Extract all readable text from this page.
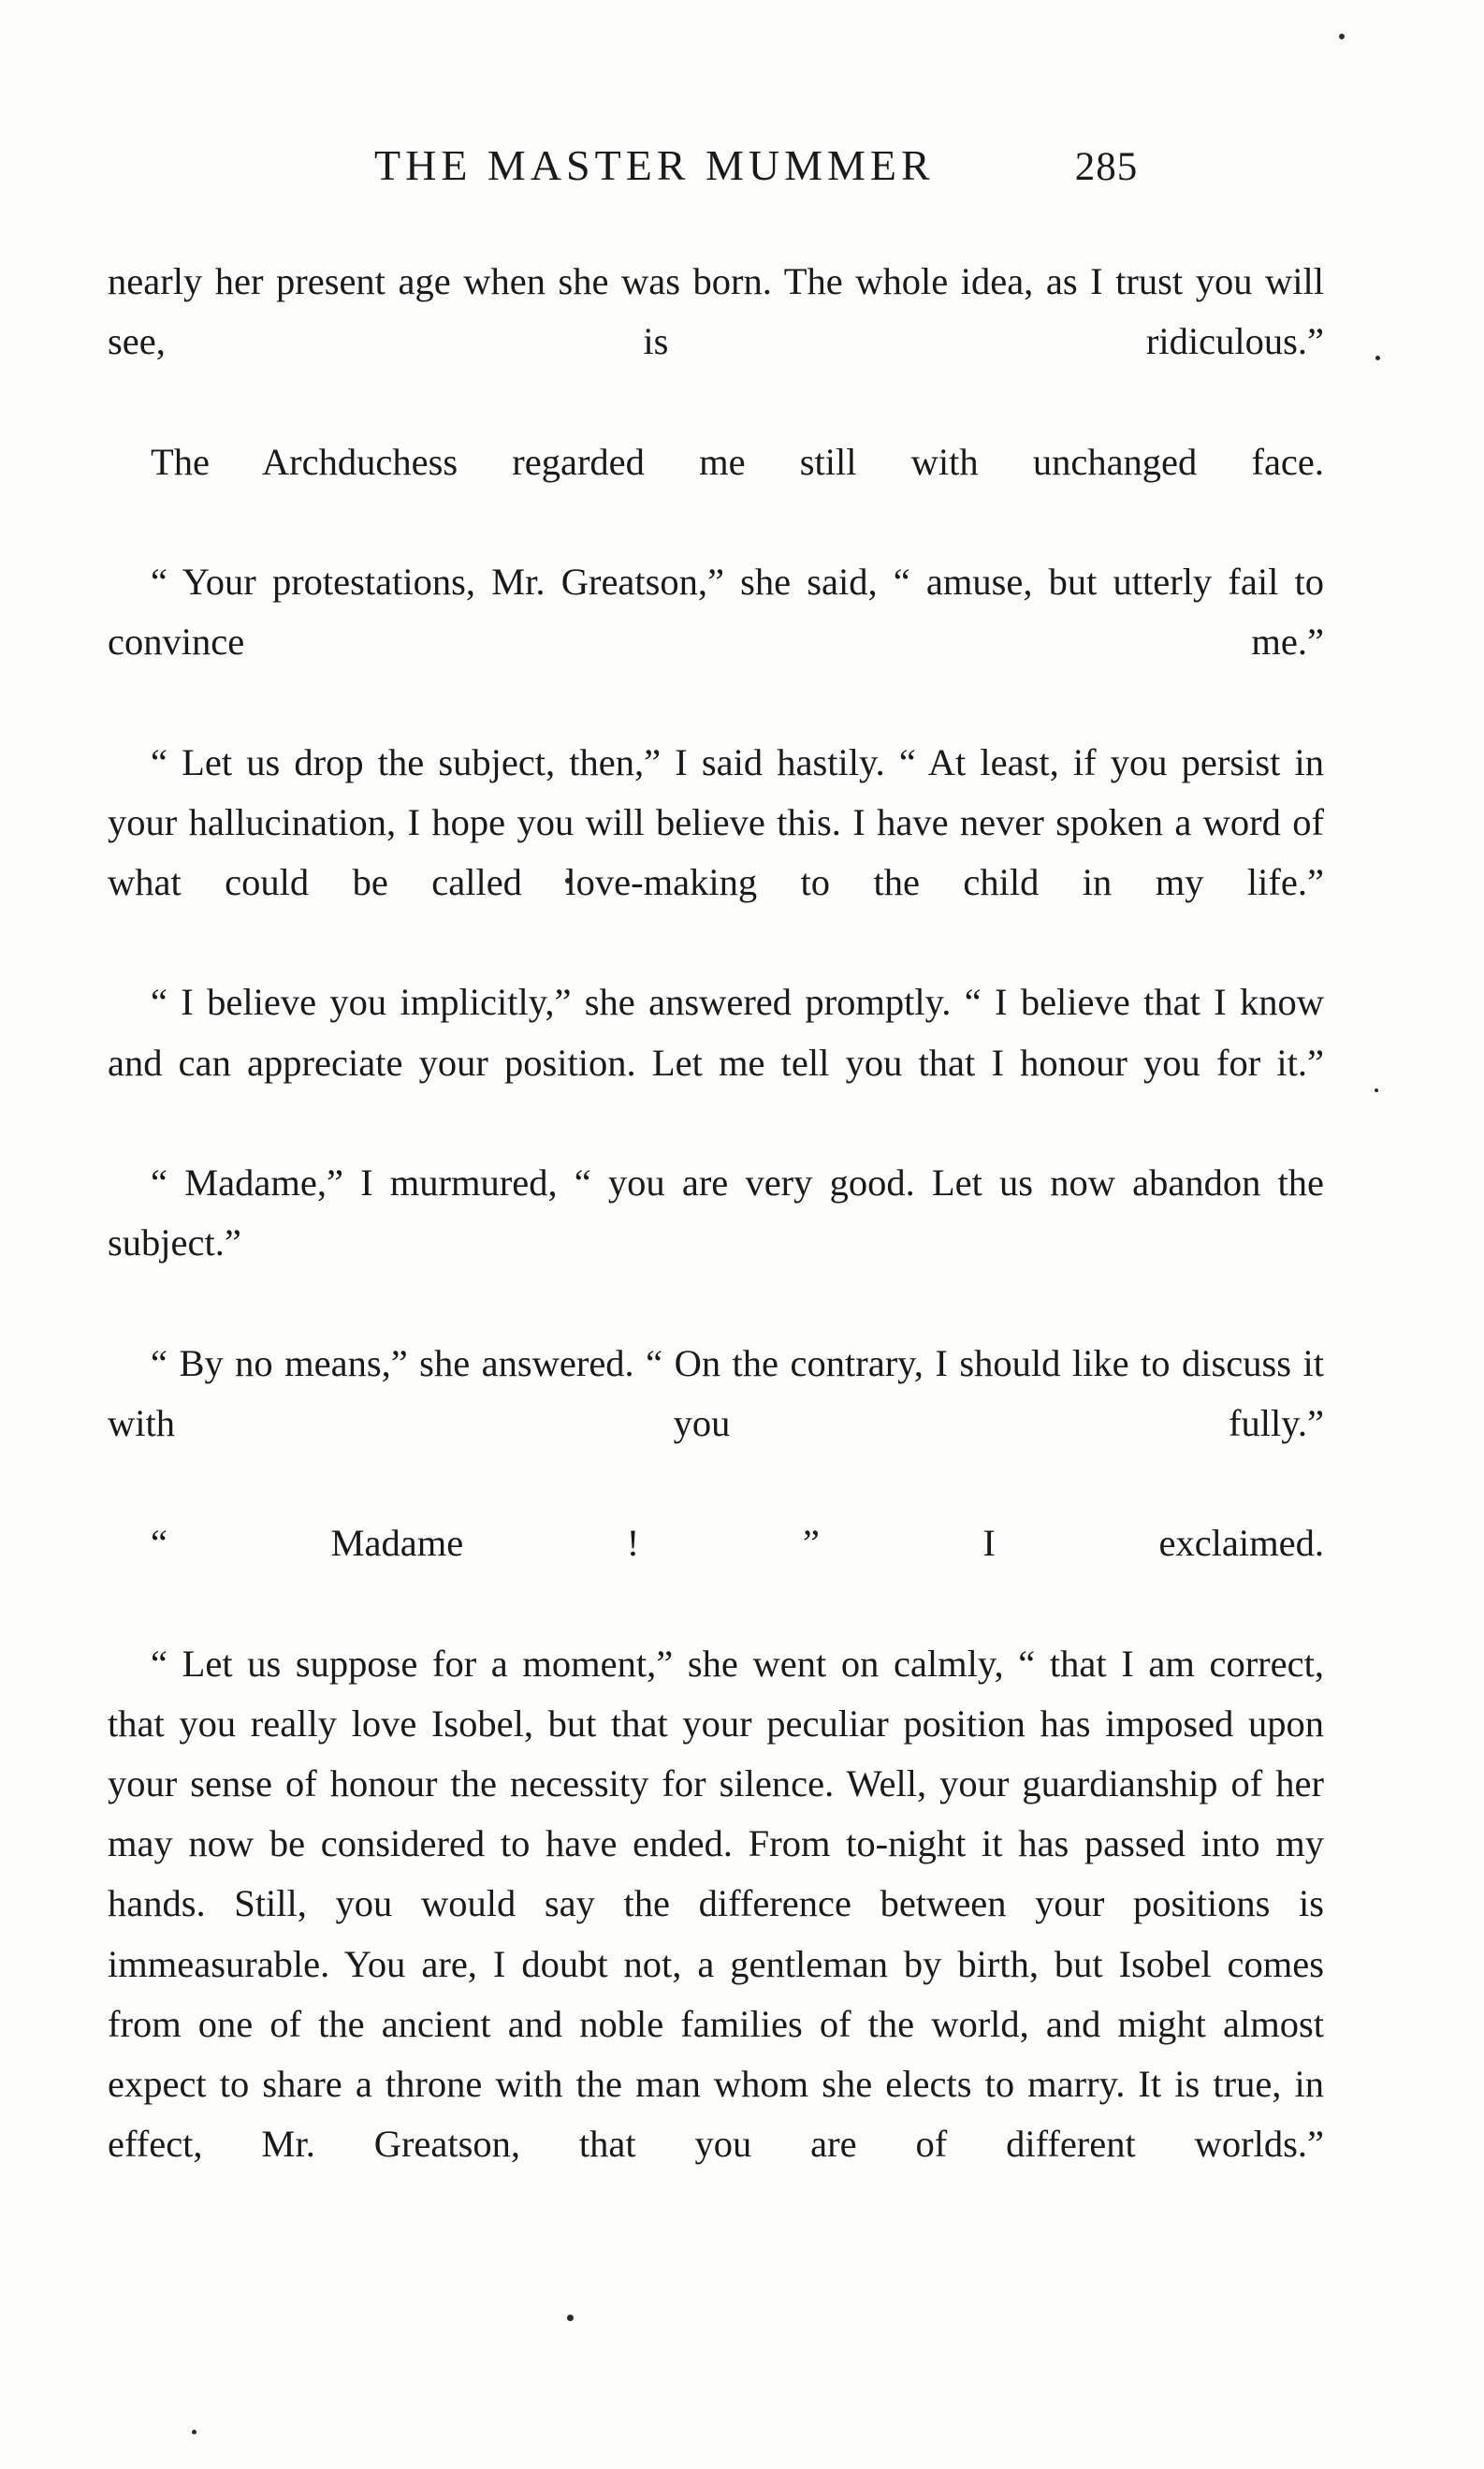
THE MASTER MUMMER	285

nearly her present age when she was born. The whole idea, as I trust you will see, is ridiculous.”

The Archduchess regarded me still with unchanged face.

“ Your protestations, Mr. Greatson,” she said, “ amuse, but utterly fail to convince me.”

“ Let us drop the subject, then,” I said hastily. “ At least, if you persist in your hallucination, I hope you will believe this. I have never spoken a word of what could be called love-making to the child in my life.”

“ I believe you implicitly,” she answered promptly. “ I believe that I know and can appreciate your position. Let me tell you that I honour you for it.”

“ Madame,” I murmured, “ you are very good. Let us now abandon the subject.”

“ By no means,” she answered. “ On the contrary, I should like to discuss it with you fully.”

“ Madame ! ” I exclaimed.

“ Let us suppose for a moment,” she went on calmly, “ that I am correct, that you really love Isobel, but that your peculiar position has imposed upon your sense of honour the necessity for silence. Well, your guardianship of her may now be considered to have ended. From to-night it has passed into my hands. Still, you would say the difference between your positions is immeasurable. You are, I doubt not, a gentleman by birth, but Isobel comes from one of the ancient and noble families of the world, and might almost expect to share a throne with the man whom she elects to marry. It is true, in effect, Mr. Greatson, that you are of different worlds.”
